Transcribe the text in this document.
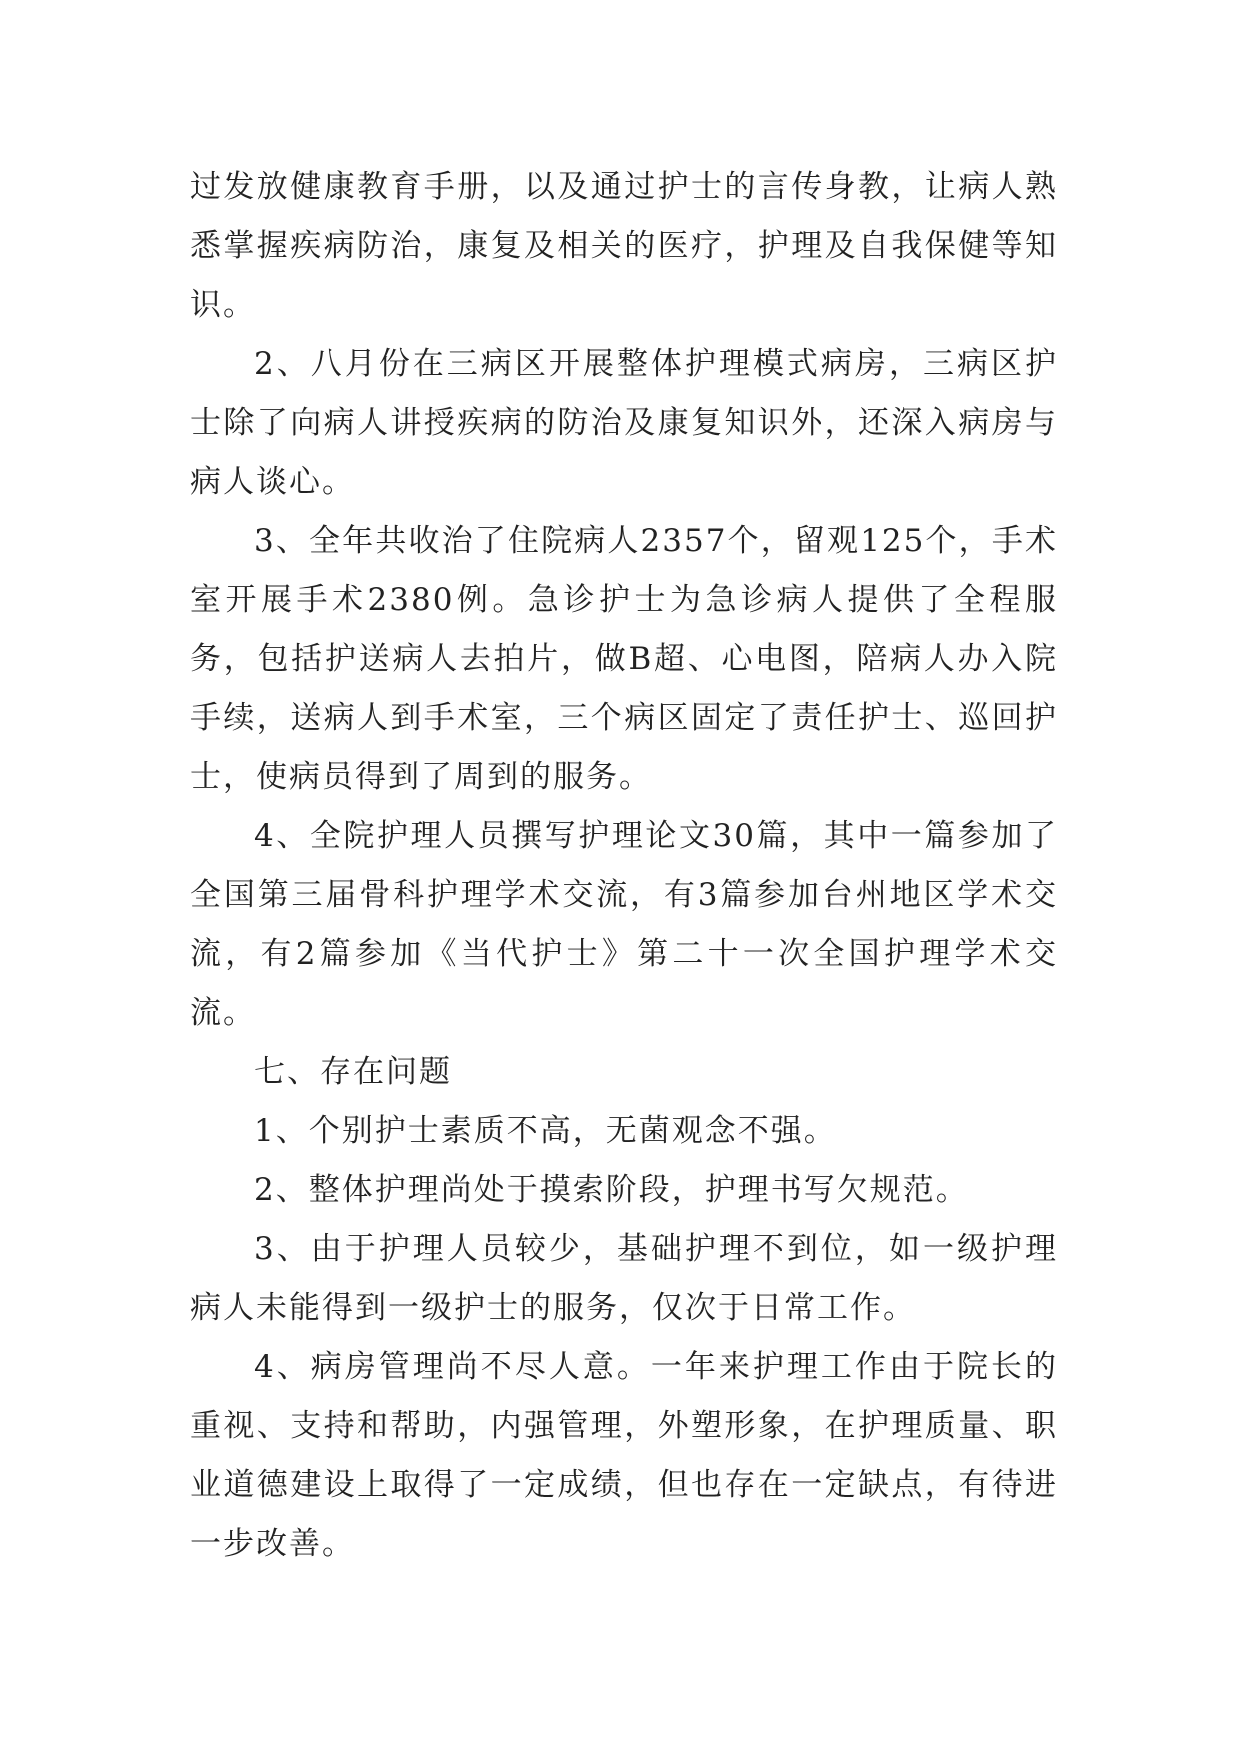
过发放健康教育手册，以及通过护士的言传身教，让病人熟悉掌握疾病防治，康复及相关的医疗，护理及自我保健等知识。

2、八月份在三病区开展整体护理模式病房，三病区护士除了向病人讲授疾病的防治及康复知识外，还深入病房与病人谈心。

3、全年共收治了住院病人2357个，留观125个，手术室开展手术2380例。急诊护士为急诊病人提供了全程服务，包括护送病人去拍片，做B超、心电图，陪病人办入院手续，送病人到手术室，三个病区固定了责任护士、巡回护士，使病员得到了周到的服务。

4、全院护理人员撰写护理论文30篇，其中一篇参加了全国第三届骨科护理学术交流，有3篇参加台州地区学术交流，有2篇参加《当代护士》第二十一次全国护理学术交流。

七、存在问题

1、个别护士素质不高，无菌观念不强。

2、整体护理尚处于摸索阶段，护理书写欠规范。

3、由于护理人员较少，基础护理不到位，如一级护理病人未能得到一级护士的服务，仅次于日常工作。

4、病房管理尚不尽人意。一年来护理工作由于院长的重视、支持和帮助，内强管理，外塑形象，在护理质量、职业道德建设上取得了一定成绩，但也存在一定缺点，有待进一步改善。
